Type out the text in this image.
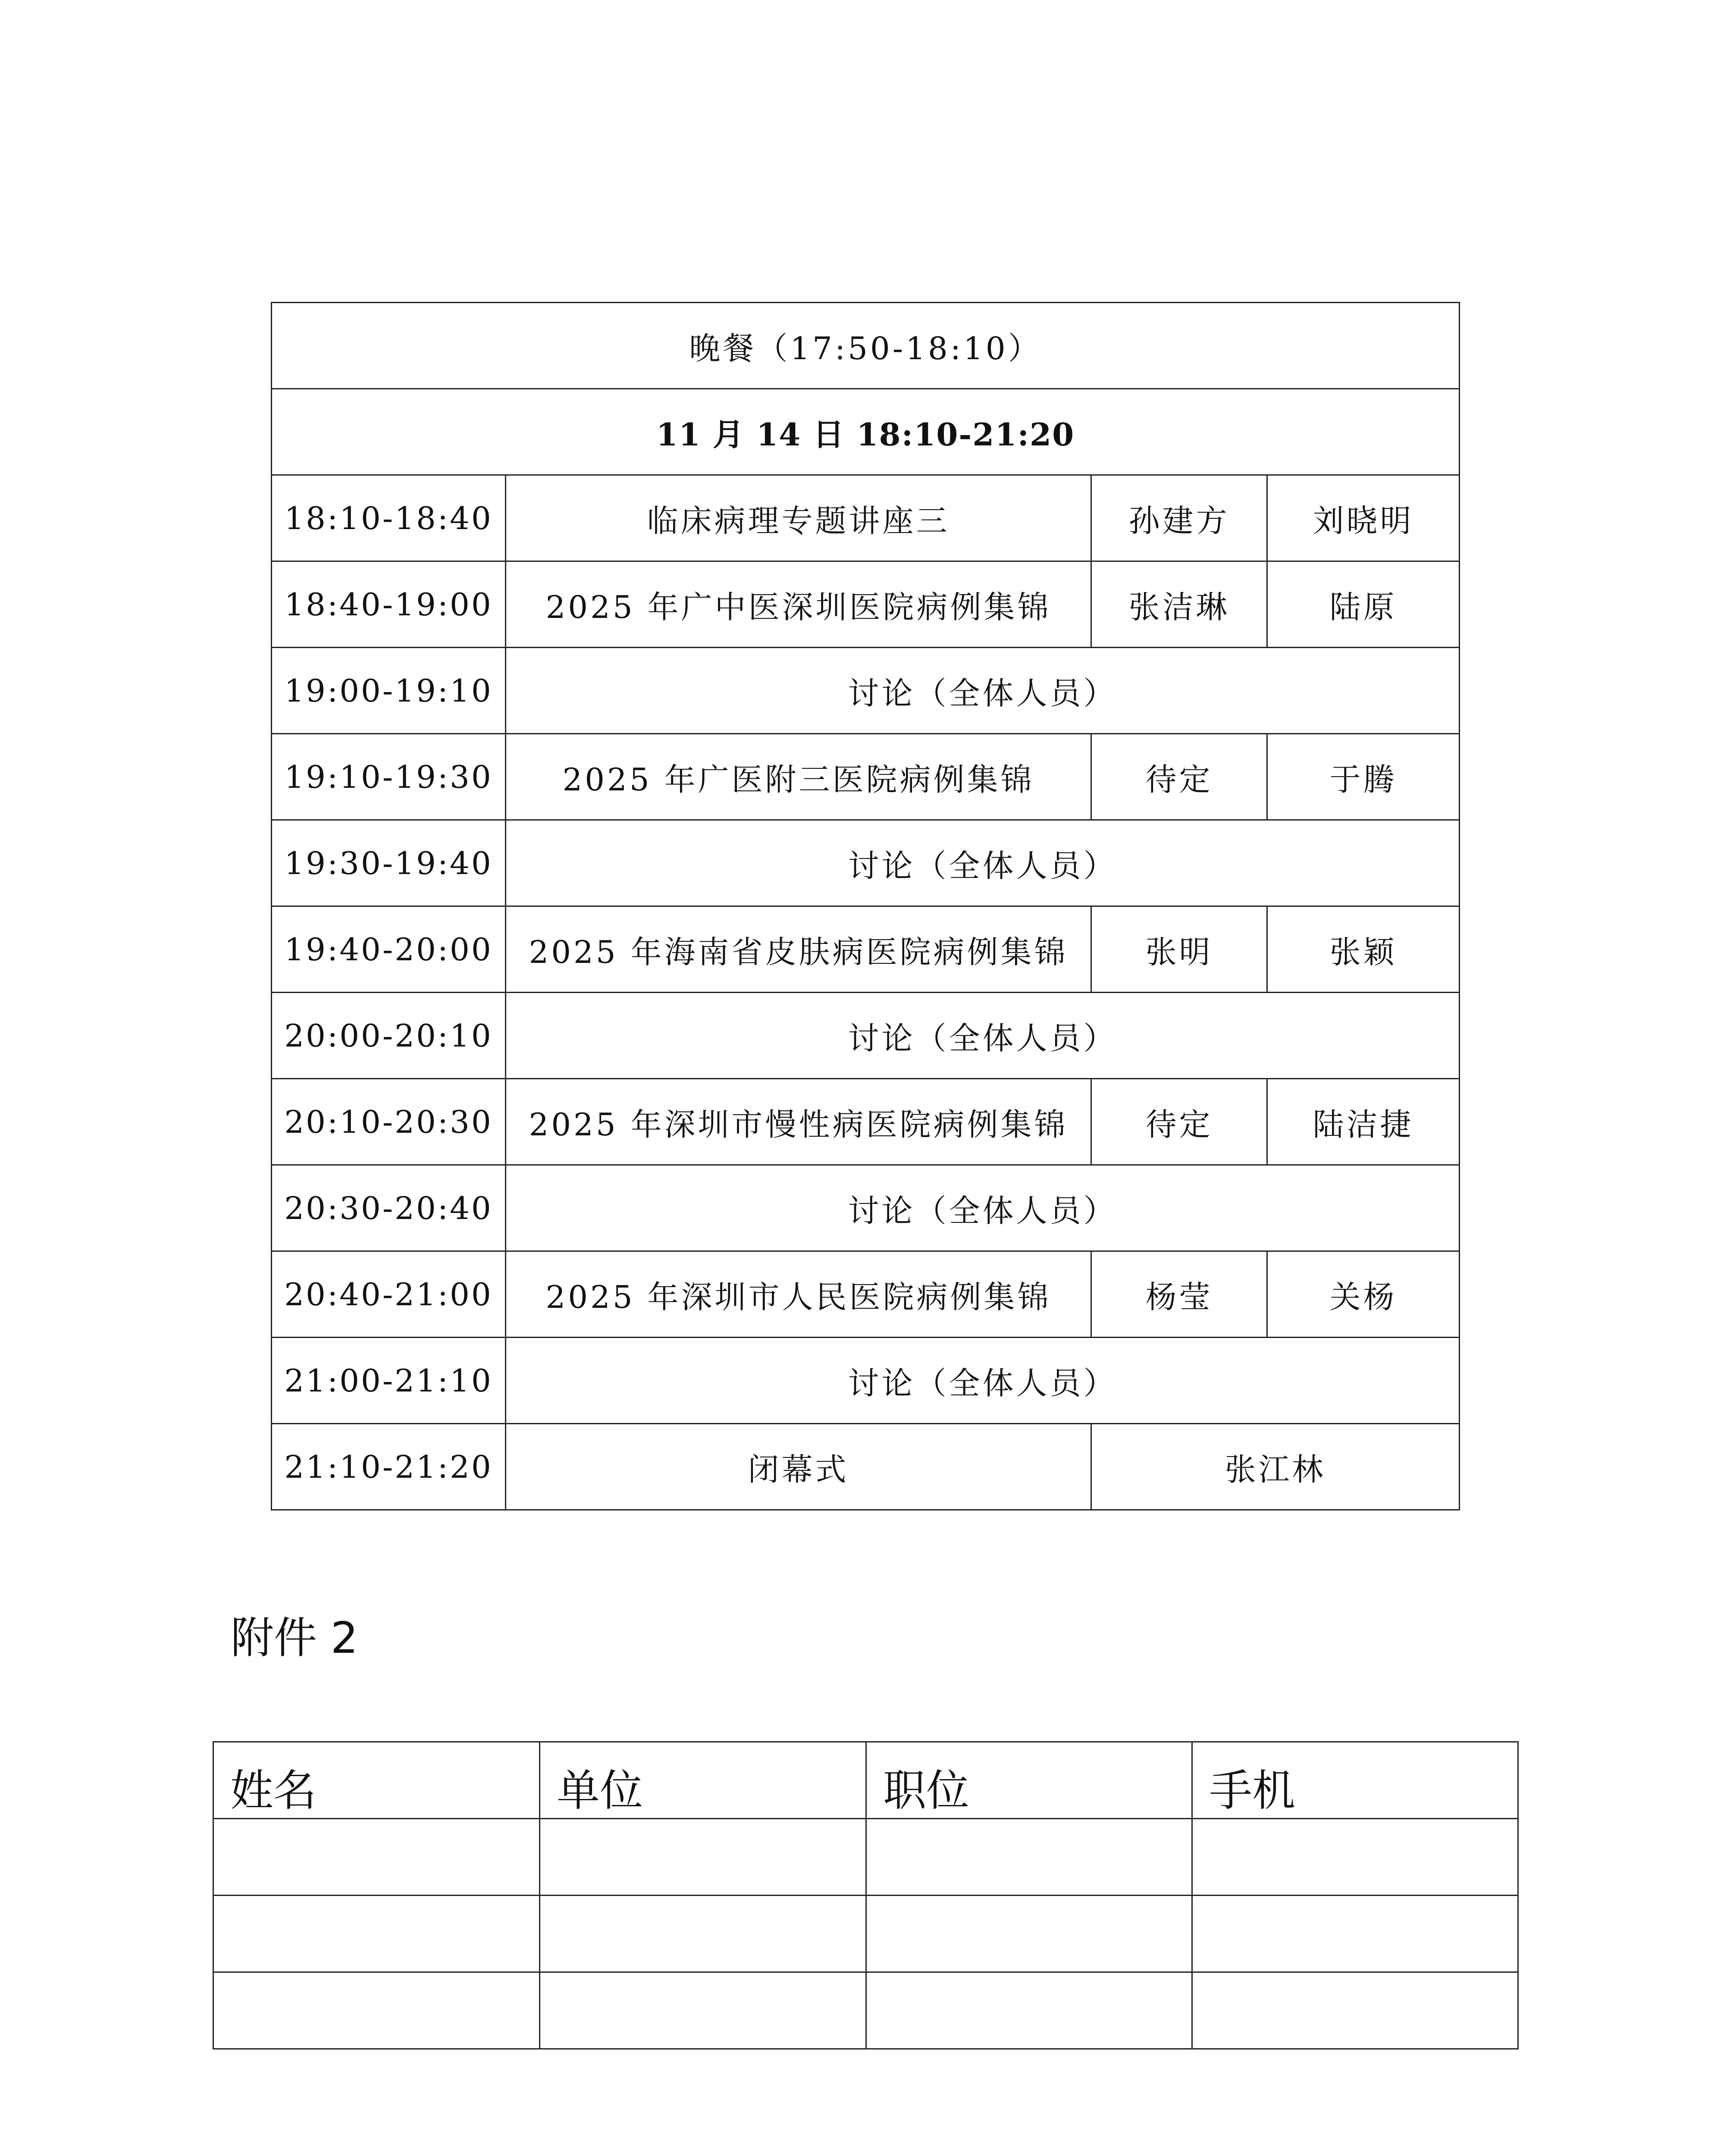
晚餐（17:50-18:10）			
11 月 14 日 18:10-21:20			
18:10-18:40	临床病理专题讲座三	孙建方	刘晓明
18:40-19:00	2025 年广中医深圳医院病例集锦	张洁琳	陆原
19:00-19:10	讨论（全体人员）		
19:10-19:30	2025 年广医附三医院病例集锦	待定	于腾
19:30-19:40	讨论（全体人员）		
19:40-20:00	2025 年海南省皮肤病医院病例集锦	张明	张颖
20:00-20:10	讨论（全体人员）		
20:10-20:30	2025 年深圳市慢性病医院病例集锦	待定	陆洁捷
20:30-20:40	讨论（全体人员）		
20:40-21:00	2025 年深圳市人民医院病例集锦	杨莹	关杨
21:00-21:10	讨论（全体人员）		
21:10-21:20	闭幕式	张江林	
附件 2
姓名	单位	职位	手机
